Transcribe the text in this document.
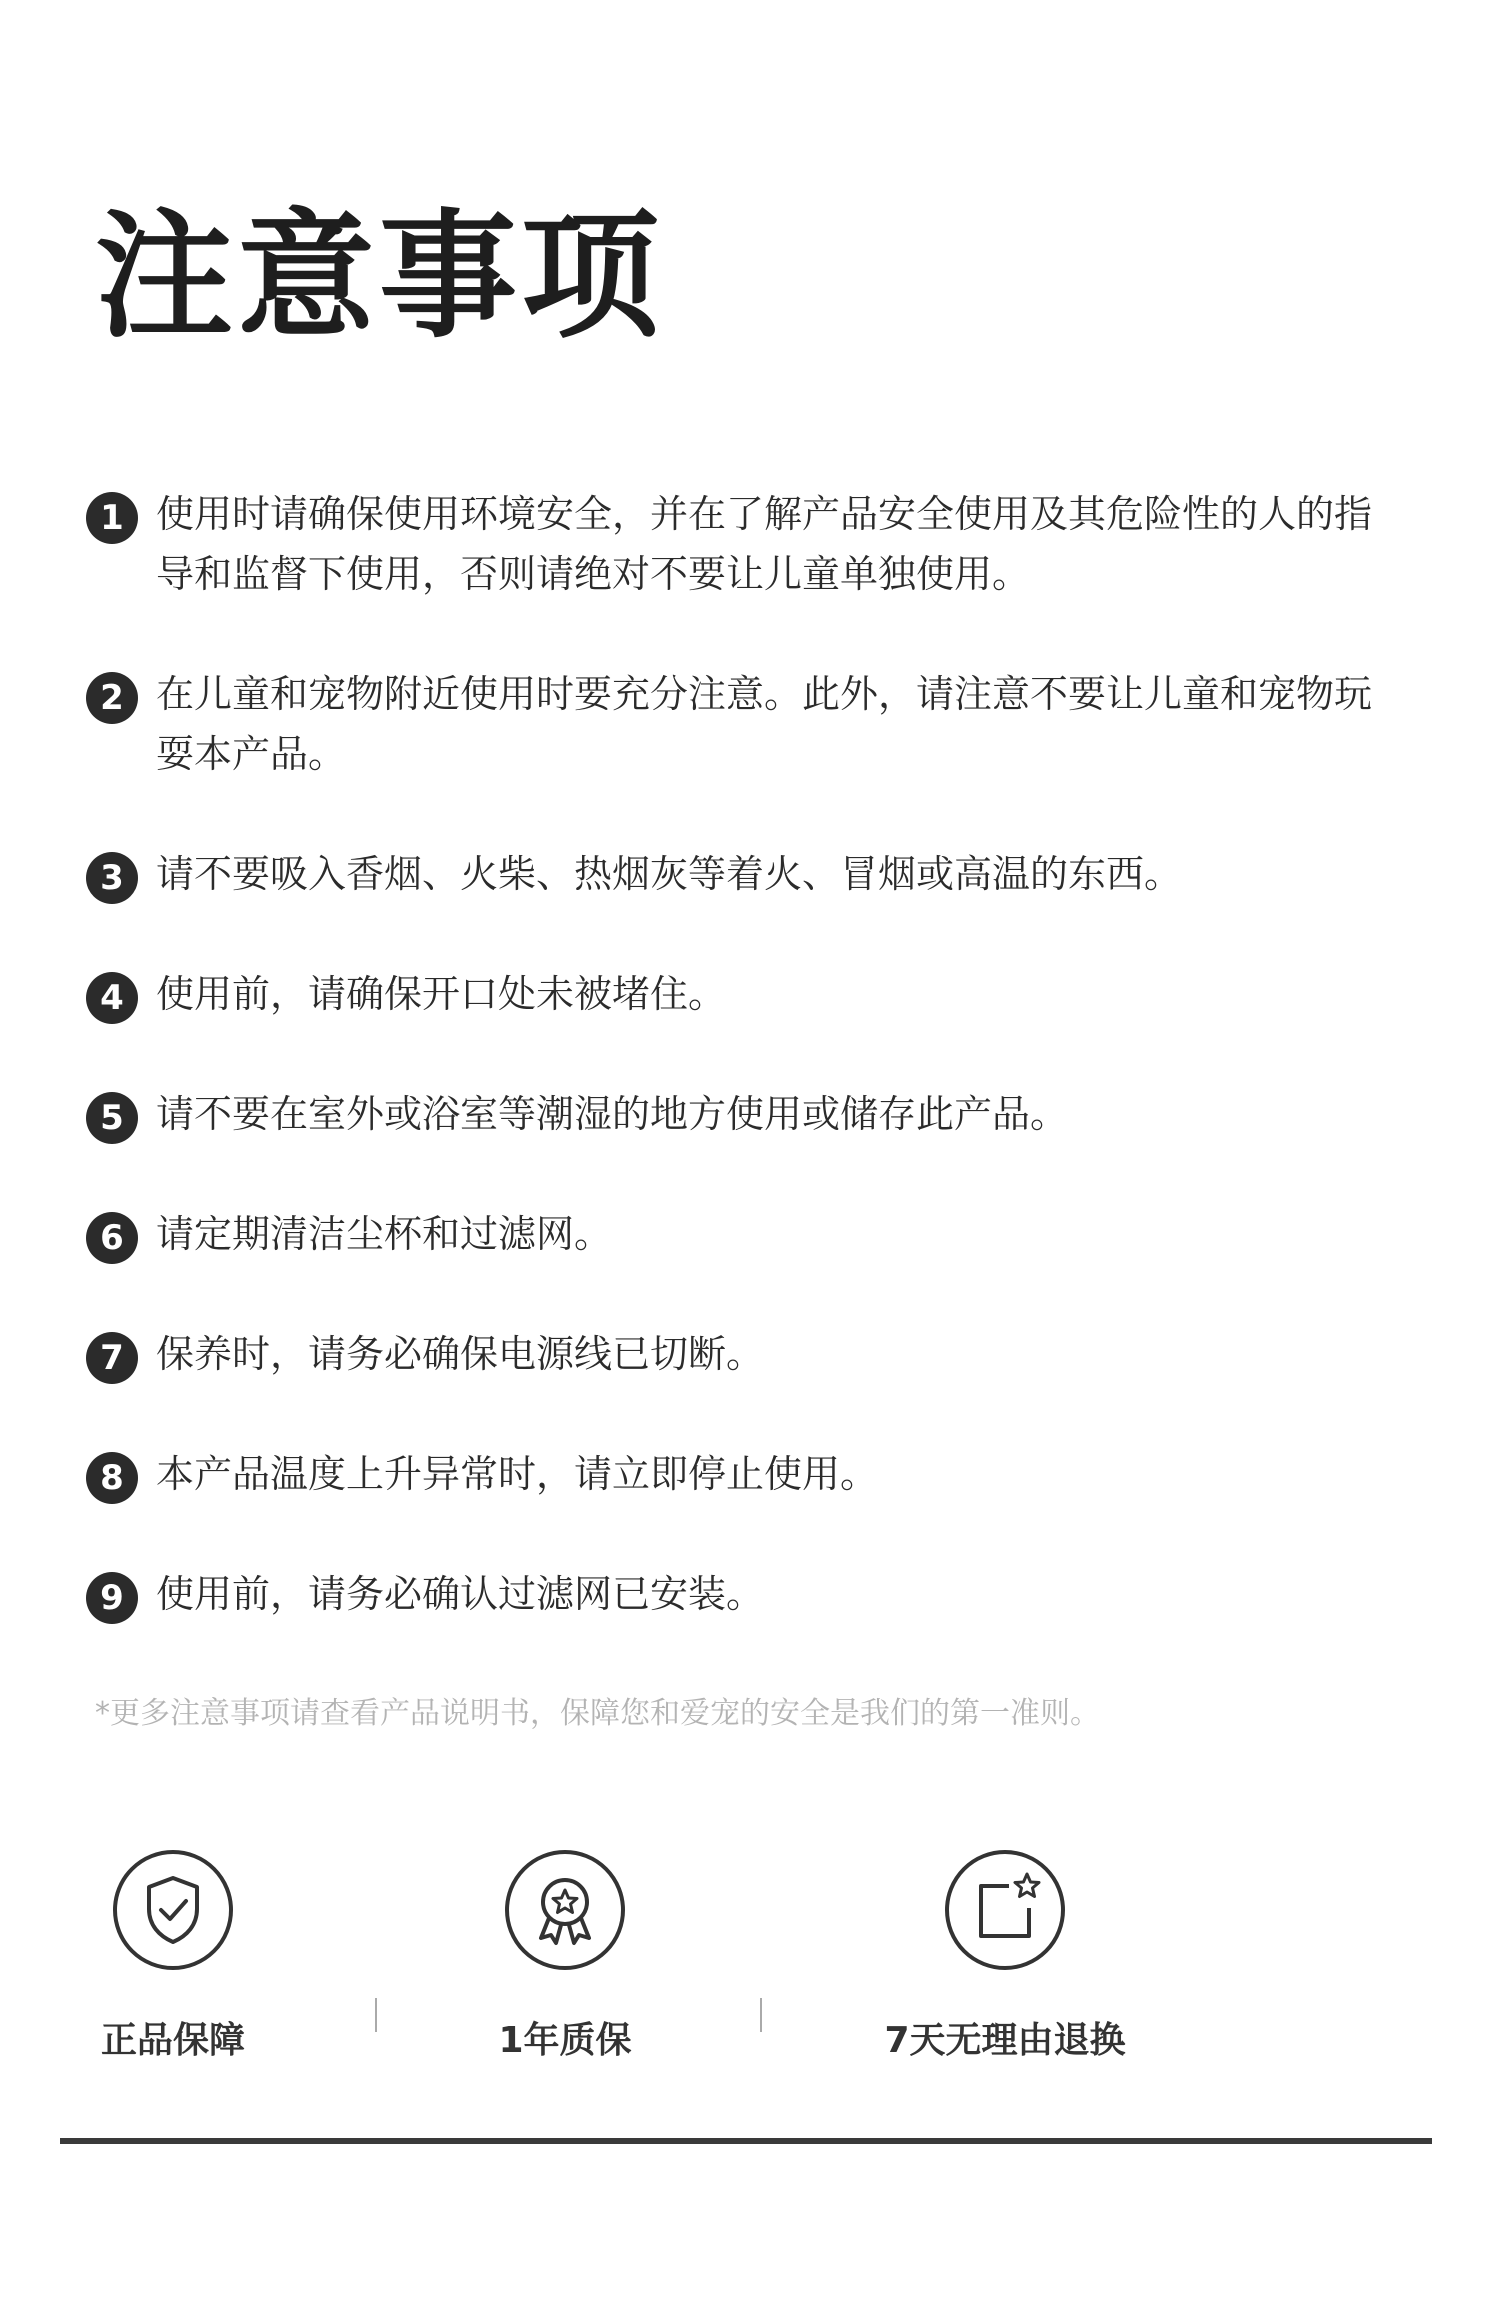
注意事项
1 使用时请确保使用环境安全，并在了解产品安全使用及其危险性的人的指导和监督下使用，否则请绝对不要让儿童单独使用。
2 在儿童和宠物附近使用时要充分注意。此外，请注意不要让儿童和宠物玩耍本产品。
3 请不要吸入香烟、火柴、热烟灰等着火、冒烟或高温的东西。
4 使用前，请确保开口处未被堵住。
5 请不要在室外或浴室等潮湿的地方使用或储存此产品。
6 请定期清洁尘杯和过滤网。
7 保养时，请务必确保电源线已切断。
8 本产品温度上升异常时，请立即停止使用。
9 使用前，请务必确认过滤网已安装。

*更多注意事项请查看产品说明书，保障您和爱宠的安全是我们的第一准则。

正品保障	1年质保	7天无理由退换
